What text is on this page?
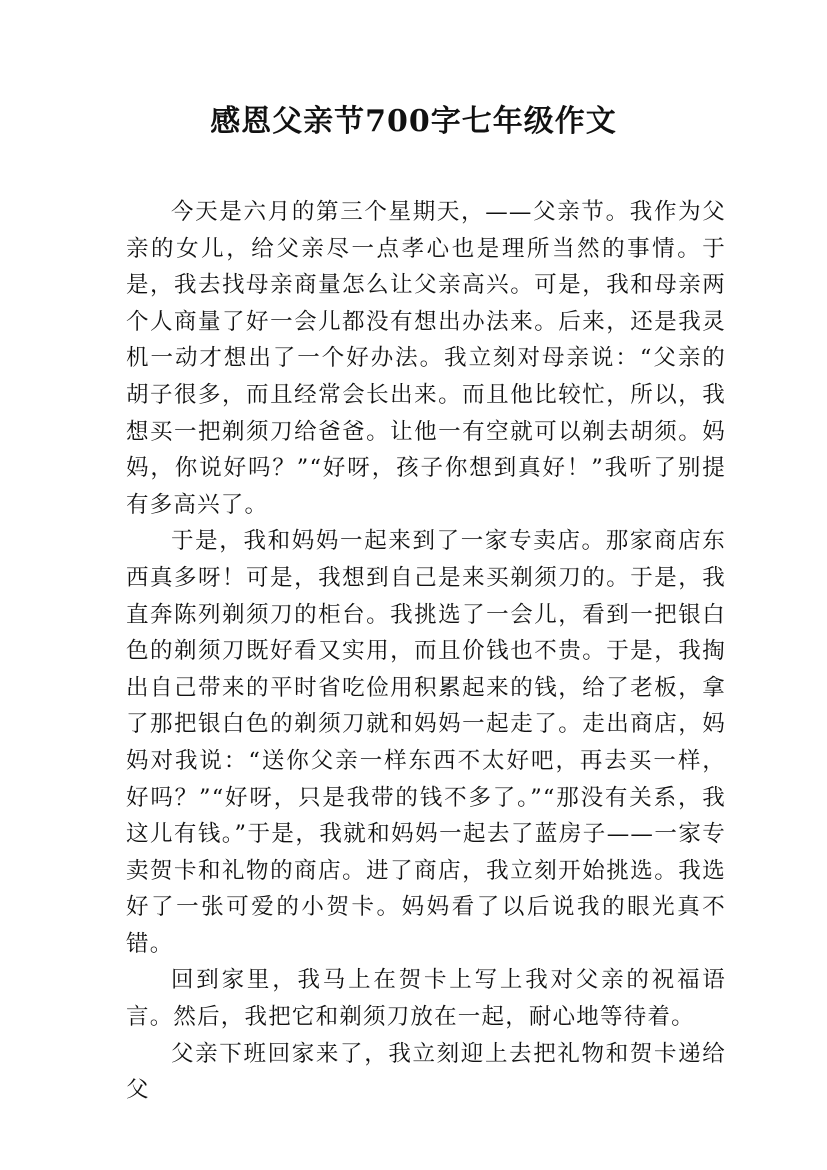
感恩父亲节700字七年级作文

今天是六月的第三个星期天，——父亲节。我作为父亲的女儿，给父亲尽一点孝心也是理所当然的事情。于是，我去找母亲商量怎么让父亲高兴。可是，我和母亲两个人商量了好一会儿都没有想出办法来。后来，还是我灵机一动才想出了一个好办法。我立刻对母亲说：“父亲的胡子很多，而且经常会长出来。而且他比较忙，所以，我想买一把剃须刀给爸爸。让他一有空就可以剃去胡须。妈妈，你说好吗？”“好呀，孩子你想到真好！”我听了别提有多高兴了。

于是，我和妈妈一起来到了一家专卖店。那家商店东西真多呀！可是，我想到自己是来买剃须刀的。于是，我直奔陈列剃须刀的柜台。我挑选了一会儿，看到一把银白色的剃须刀既好看又实用，而且价钱也不贵。于是，我掏出自己带来的平时省吃俭用积累起来的钱，给了老板，拿了那把银白色的剃须刀就和妈妈一起走了。走出商店，妈妈对我说：“送你父亲一样东西不太好吧，再去买一样，好吗？”“好呀，只是我带的钱不多了。”“那没有关系，我这儿有钱。”于是，我就和妈妈一起去了蓝房子——一家专卖贺卡和礼物的商店。进了商店，我立刻开始挑选。我选好了一张可爱的小贺卡。妈妈看了以后说我的眼光真不错。

回到家里，我马上在贺卡上写上我对父亲的祝福语言。然后，我把它和剃须刀放在一起，耐心地等待着。

父亲下班回家来了，我立刻迎上去把礼物和贺卡递给父
